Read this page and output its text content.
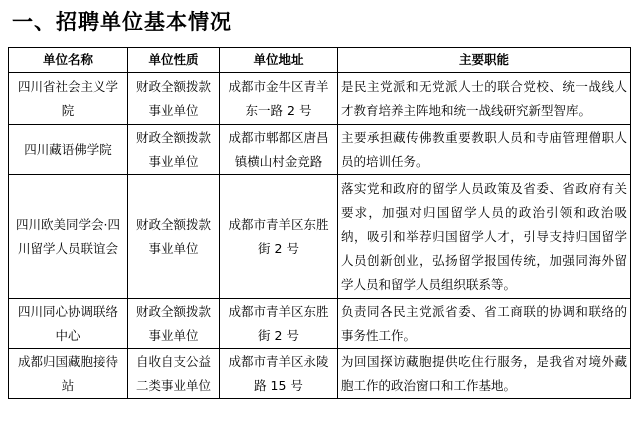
一、招聘单位基本情况
单位名称	单位性质	单位地址	主要职能
四川省社会主义学院	财政全额拨款事业单位	成都市金牛区青羊东一路 2 号	是民主党派和无党派人士的联合党校、统一战线人才教育培养主阵地和统一战线研究新型智库。
四川藏语佛学院	财政全额拨款事业单位	成都市郫都区唐昌镇横山村金竞路	主要承担藏传佛教重要教职人员和寺庙管理僧职人员的培训任务。
四川欧美同学会·四川留学人员联谊会	财政全额拨款事业单位	成都市青羊区东胜街 2 号	落实党和政府的留学人员政策及省委、省政府有关要求，加强对归国留学人员的政治引领和政治吸纳，吸引和举荐归国留学人才，引导支持归国留学人员创新创业，弘扬留学报国传统，加强同海外留学人员和留学人员组织联系等。
四川同心协调联络中心	财政全额拨款事业单位	成都市青羊区东胜街 2 号	负责同各民主党派省委、省工商联的协调和联络的事务性工作。
成都归国藏胞接待站	自收自支公益二类事业单位	成都市青羊区永陵路 15 号	为回国探访藏胞提供吃住行服务，是我省对境外藏胞工作的政治窗口和工作基地。
